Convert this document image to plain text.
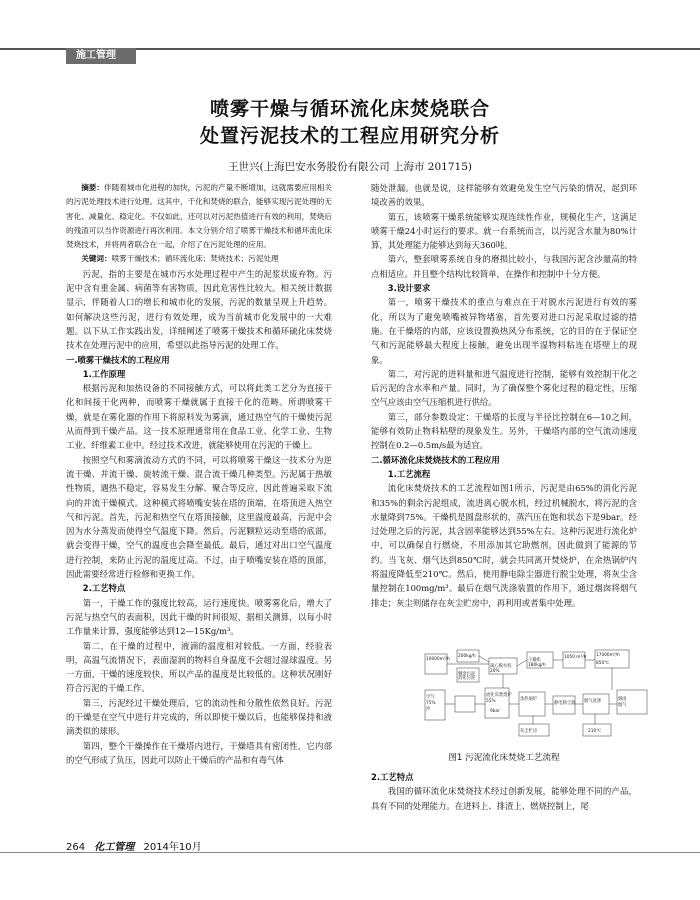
施工管理
喷雾干燥与循环流化床焚烧联合
处置污泥技术的工程应用研究分析
王世兴(上海巴安水务股份有限公司 上海市 201715)

摘要：伴随着城市化进程的加快，污泥的产量不断增加，这就需要应用相关的污泥处理技术进行处理。这其中，干化和焚烧的联合，能够实现污泥处理的无害化、减量化、稳定化。不仅如此，还可以对污泥热值进行有效的利用，焚烧后的残渣可以当作资源进行再次利用。本文分别介绍了喷雾干燥技术和循环流化床焚烧技术，并将两者联合在一起，介绍了在污泥处理的应用。

关键词：喷雾干燥技术；循环流化床；焚烧技术；污泥处理

污泥，指的主要是在城市污水处理过程中产生的泥浆状废弃物。污泥中含有重金属、病菌等有害物质，因此危害性比较大。相关统计数据显示，伴随着人口的增长和城市化的发展，污泥的数量呈现上升趋势。如何解决这些污泥，进行有效处理，成为当前城市化发展中的一大难题。以下从工作实践出发，详细阐述了喷雾干燥技术和循环硫化床焚烧技术在处理污泥中的应用，希望以此指导污泥的处理工作。

一.喷雾干燥技术的工程应用

1.工作原理

根据污泥和加热设备的不同接触方式，可以将此类工艺分为直接干化和间接干化两种，而喷雾干燥就属于直接干化的范畴。所谓喷雾干燥，就是在雾化器的作用下将原料发为雾滴，通过热空气的干燥使污泥从而得到干燥产品。这一技术原理通常用在食品工业、化学工业、生物工业、纤维素工业中。经过技术改进，就能够使用在污泥的干燥上。

按照空气和雾滴流动方式的不同，可以将喷雾干燥这一技术分为逆流干燥、并流干燥、旋转流干燥、混合流干燥几种类型。污泥属于热敏性物质，遇热不稳定，容易发生分解、聚合等反应，因此普遍采取下流向的并流干燥模式。这种模式将喷嘴安装在塔的顶端，在塔顶进入热空气和污泥。首先，污泥和热空气在塔顶接触，这里温度最高，污泥中会因为水分蒸发而使得空气温度下降。然后，污泥颗粒运动至塔的底部，就会变得干燥，空气的温度也会降至最低。最后，通过对出口空气温度进行控制，来防止污泥的温度过高。不过，由于喷嘴安装在塔的顶部，因此需要经常进行检修和更换工作。

2.工艺特点

第一，干燥工作的强度比较高，运行速度快。喷雾雾化后，增大了污泥与热空气的表面积，因此干燥的时间很短，据相关测算，以每小时工作量来计算，强度能够达到12—15Kg/m³。

第二，在干燥的过程中，液滴的温度相对较低。一方面，经验表明，高温气流情况下，表面湿润的物料自身温度不会超过湿球温度。另一方面，干燥的速度较快，所以产品的温度是比较低的。这种状况刚好符合污泥的干燥工作。

第三，污泥经过干燥处理后，它的流动性和分散性依然良好。污泥的干燥是在空气中进行并完成的，所以即使干燥以后，也能够保持和液滴类似的球形。

第四，整个干燥操作在干燥塔内进行，干燥塔具有密闭性，它内部的空气形成了负压，因此可以防止干燥后的产品和有毒气体

随处泄漏。也就是说，这样能够有效避免发生空气污染的情况，起到环境改善的效果。

第五，该喷雾干燥系统能够实现连续性作业，规模化生产，这满足喷雾干燥24小时运行的要求。就一台系统而言，以污泥含水量为80%计算，其处理能力能够达到每天360吨。

第六，整套喷雾系统自身的磨损比较小，与我国污泥含沙量高的特点相适应。并且整个结构比较简单，在操作和控制中十分方便。

3.设计要求

第一，喷雾干燥技术的重点与难点在于对脱水污泥进行有效的雾化，所以为了避免喷嘴被异物堵塞，首先要对进口污泥采取过滤的措施。在干燥塔的内部，应该设置换热风分布系统，它的目的在于保证空气和污泥能够最大程度上接触，避免出现半湿物料粘连在塔壁上的现象。

第二，对污泥的进料量和进气温度进行控制，能够有效控制干化之后污泥的含水率和产量。同时，为了确保整个雾化过程的稳定性，压缩空气应该由空气压缩机进行供给。

第三，部分参数设定：干燥塔的长度与半径比控制在6—10之间，能够有效防止物料粘壁的现象发生。另外，干燥塔内部的空气流动速度控制在0.2—0.5m/s最为适宜。

二.循环流化床焚烧技术的工程应用

1.工艺流程

流化床焚烧技术的工艺流程如图1所示，污泥是由65%的消化污泥和35%的剩余污泥组成，流进离心脱水机，经过机械脱水，将污泥的含水量降到75%。干燥机是圆盘形状的，蒸汽压在饱和状态下是9bar。经过处理之后的污泥，其含固率能够达到55%左右。这种污泥进行流化炉中，可以确保自行燃烧，不用添加其它助燃剂，因此做到了能源的节约。当飞灰、烟气达到850℃时，就会共同离开焚烧炉，在余热锅炉内将温度降低至210℃。然后，使用静电除尘器进行脱尘处理，将灰尘含量控制在100mg/m³。最后在烟气洗涤装置的作用下，通过烟囱将烟气排走；灰尘则储存在灰尘贮房中，再利用或者集中处理。

10000m³/h
200kg/h
剩余污泥
消化污泥
离心脱水机
干燥机
20%
1050 m³/h
180kg/h
17000m³/h
850℃
流化床焚烧炉
余热锅炉
静电除尘器 烟气洗涤	烟囱
灰尘贮房
空气
210℃
55%
75%
9bar
沙
烟气
图1 污泥流化床焚烧工艺流程

2.工艺特点

我国的循环流化床焚烧技术经过创新发展，能够处理不同的产品，具有不同的处理能力。在进料上、排渣上、燃烧控制上，尾

264 化工管理 2014年10月
